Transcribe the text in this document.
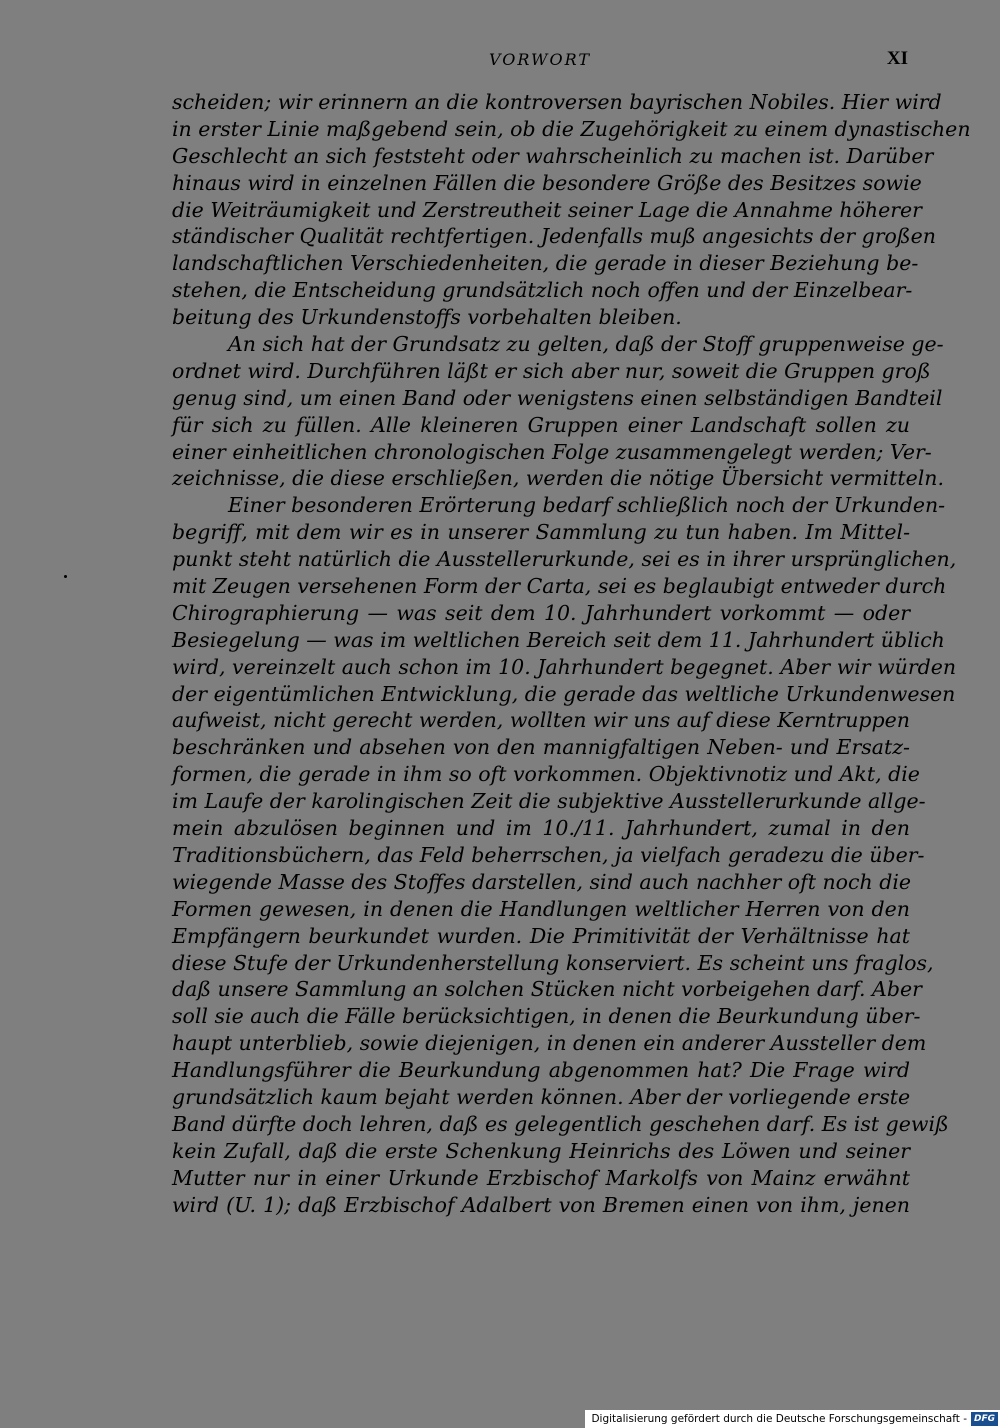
VORWORT	XI
scheiden; wir erinnern an die kontroversen bayrischen Nobiles. Hier wird
in erster Linie maßgebend sein, ob die Zugehörigkeit zu einem dynastischen
Geschlecht an sich feststeht oder wahrscheinlich zu machen ist. Darüber
hinaus wird in einzelnen Fällen die besondere Größe des Besitzes sowie
die Weiträumigkeit und Zerstreutheit seiner Lage die Annahme höherer
ständischer Qualität rechtfertigen. Jedenfalls muß angesichts der großen
landschaftlichen Verschiedenheiten, die gerade in dieser Beziehung be-
stehen, die Entscheidung grundsätzlich noch offen und der Einzelbear-
beitung des Urkundenstoffs vorbehalten bleiben.
An sich hat der Grundsatz zu gelten, daß der Stoff gruppenweise ge-
ordnet wird. Durchführen läßt er sich aber nur, soweit die Gruppen groß
genug sind, um einen Band oder wenigstens einen selbständigen Bandteil
für sich zu füllen. Alle kleineren Gruppen einer Landschaft sollen zu
einer einheitlichen chronologischen Folge zusammengelegt werden; Ver-
zeichnisse, die diese erschließen, werden die nötige Übersicht vermitteln.
Einer besonderen Erörterung bedarf schließlich noch der Urkunden-
begriff, mit dem wir es in unserer Sammlung zu tun haben. Im Mittel-
punkt steht natürlich die Ausstellerurkunde, sei es in ihrer ursprünglichen,
mit Zeugen versehenen Form der Carta, sei es beglaubigt entweder durch
Chirographierung — was seit dem 10. Jahrhundert vorkommt — oder
Besiegelung — was im weltlichen Bereich seit dem 11. Jahrhundert üblich
wird, vereinzelt auch schon im 10. Jahrhundert begegnet. Aber wir würden
der eigentümlichen Entwicklung, die gerade das weltliche Urkundenwesen
aufweist, nicht gerecht werden, wollten wir uns auf diese Kerntruppen
beschränken und absehen von den mannigfaltigen Neben- und Ersatz-
formen, die gerade in ihm so oft vorkommen. Objektivnotiz und Akt, die
im Laufe der karolingischen Zeit die subjektive Ausstellerurkunde allge-
mein abzulösen beginnen und im 10./11. Jahrhundert, zumal in den
Traditionsbüchern, das Feld beherrschen, ja vielfach geradezu die über-
wiegende Masse des Stoffes darstellen, sind auch nachher oft noch die
Formen gewesen, in denen die Handlungen weltlicher Herren von den
Empfängern beurkundet wurden. Die Primitivität der Verhältnisse hat
diese Stufe der Urkundenherstellung konserviert. Es scheint uns fraglos,
daß unsere Sammlung an solchen Stücken nicht vorbeigehen darf. Aber
soll sie auch die Fälle berücksichtigen, in denen die Beurkundung über-
haupt unterblieb, sowie diejenigen, in denen ein anderer Aussteller dem
Handlungsführer die Beurkundung abgenommen hat? Die Frage wird
grundsätzlich kaum bejaht werden können. Aber der vorliegende erste
Band dürfte doch lehren, daß es gelegentlich geschehen darf. Es ist gewiß
kein Zufall, daß die erste Schenkung Heinrichs des Löwen und seiner
Mutter nur in einer Urkunde Erzbischof Markolfs von Mainz erwähnt
wird (U. 1); daß Erzbischof Adalbert von Bremen einen von ihm, jenen
Digitalisierung gefördert durch die Deutsche Forschungsgemeinschaft - DFG
